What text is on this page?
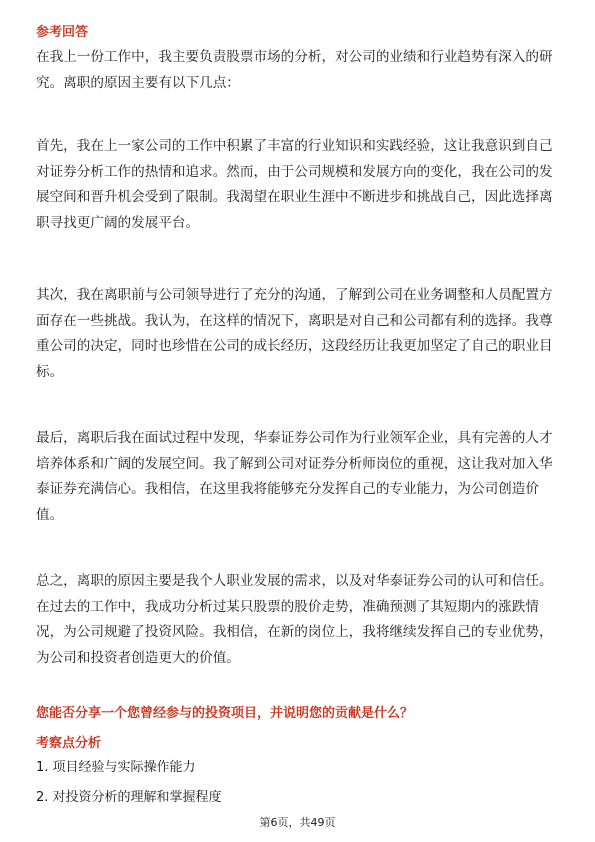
参考回答

在我上一份工作中，我主要负责股票市场的分析，对公司的业绩和行业趋势有深入的研究。离职的原因主要有以下几点：

首先，我在上一家公司的工作中积累了丰富的行业知识和实践经验，这让我意识到自己对证券分析工作的热情和追求。然而，由于公司规模和发展方向的变化，我在公司的发展空间和晋升机会受到了限制。我渴望在职业生涯中不断进步和挑战自己，因此选择离职寻找更广阔的发展平台。

其次，我在离职前与公司领导进行了充分的沟通，了解到公司在业务调整和人员配置方面存在一些挑战。我认为，在这样的情况下，离职是对自己和公司都有利的选择。我尊重公司的决定，同时也珍惜在公司的成长经历，这段经历让我更加坚定了自己的职业目标。

最后，离职后我在面试过程中发现，华泰证券公司作为行业领军企业，具有完善的人才培养体系和广阔的发展空间。我了解到公司对证券分析师岗位的重视，这让我对加入华泰证券充满信心。我相信，在这里我将能够充分发挥自己的专业能力，为公司创造价值。

总之，离职的原因主要是我个人职业发展的需求，以及对华泰证券公司的认可和信任。在过去的工作中，我成功分析过某只股票的股价走势，准确预测了其短期内的涨跌情况，为公司规避了投资风险。我相信，在新的岗位上，我将继续发挥自己的专业优势，为公司和投资者创造更大的价值。

您能否分享一个您曾经参与的投资项目，并说明您的贡献是什么？
考察点分析
1. 项目经验与实际操作能力
2. 对投资分析的理解和掌握程度
第6页，共49页
